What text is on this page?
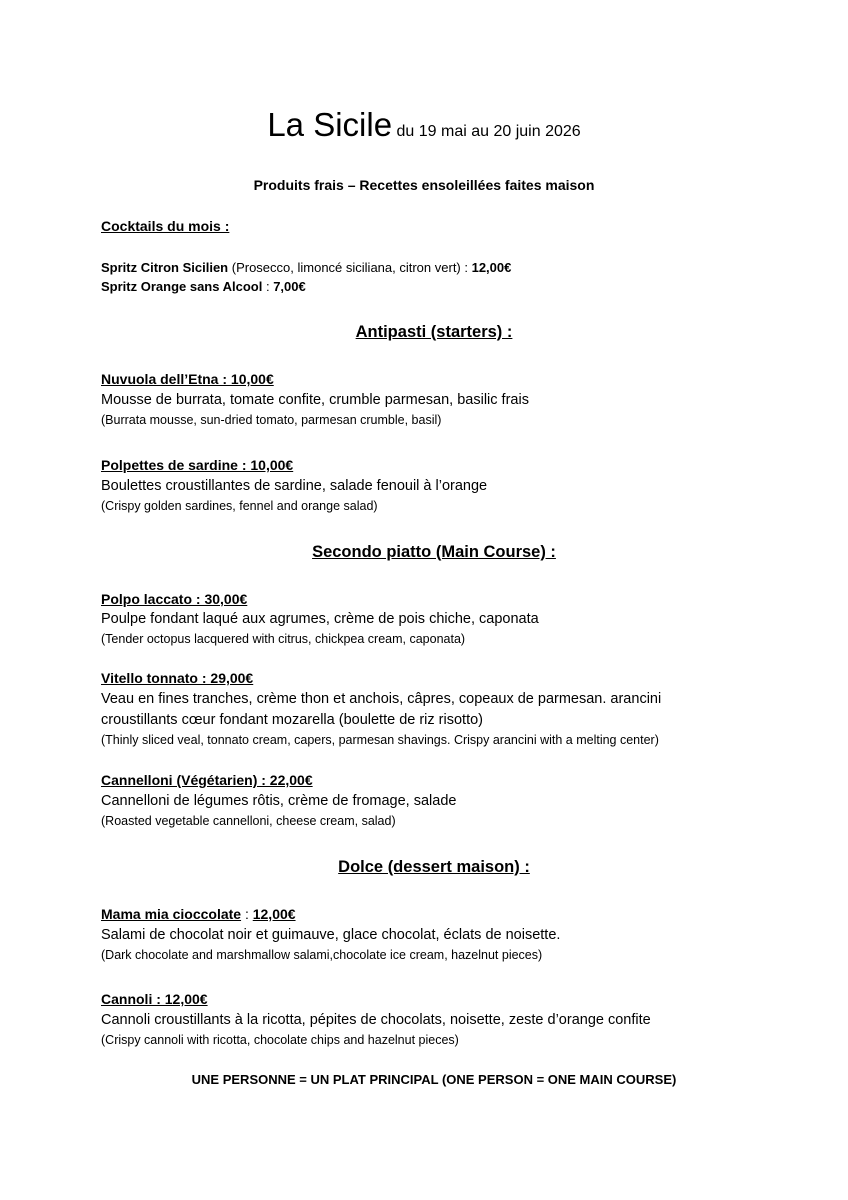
La Sicile du 19 mai au 20 juin 2026
Produits frais – Recettes ensoleillées faites maison
Cocktails du mois :
Spritz Citron Sicilien (Prosecco, limoncé siciliana, citron vert) : 12,00€
Spritz Orange sans Alcool : 7,00€
Antipasti (starters) :
Nuvuola dell’Etna : 10,00€
Mousse de burrata, tomate confite, crumble parmesan, basilic frais
(Burrata mousse, sun-dried tomato, parmesan crumble, basil)
Polpettes de sardine : 10,00€
Boulettes croustillantes de sardine, salade fenouil à l’orange
(Crispy golden sardines, fennel and orange salad)
Secondo piatto (Main Course) :
Polpo laccato : 30,00€
Poulpe fondant laqué aux agrumes, crème de pois chiche, caponata
(Tender octopus lacquered with citrus, chickpea cream, caponata)
Vitello tonnato : 29,00€
Veau en fines tranches, crème thon et anchois, câpres, copeaux de parmesan. arancini
croustillants cœur fondant mozarella (boulette de riz risotto)
(Thinly sliced veal, tonnato cream, capers, parmesan shavings. Crispy arancini with a melting center)
Cannelloni (Végétarien) : 22,00€
Cannelloni de légumes rôtis, crème de fromage, salade
(Roasted vegetable cannelloni, cheese cream, salad)
Dolce (dessert maison) :
Mama mia cioccolate : 12,00€
Salami de chocolat noir et guimauve, glace chocolat, éclats de noisette.
(Dark chocolate and marshmallow salami,chocolate ice cream, hazelnut pieces)
Cannoli : 12,00€
Cannoli croustillants à la ricotta, pépites de chocolats, noisette, zeste d’orange confite
(Crispy cannoli with ricotta, chocolate chips and hazelnut pieces)
UNE PERSONNE = UN PLAT PRINCIPAL (ONE PERSON = ONE MAIN COURSE)
